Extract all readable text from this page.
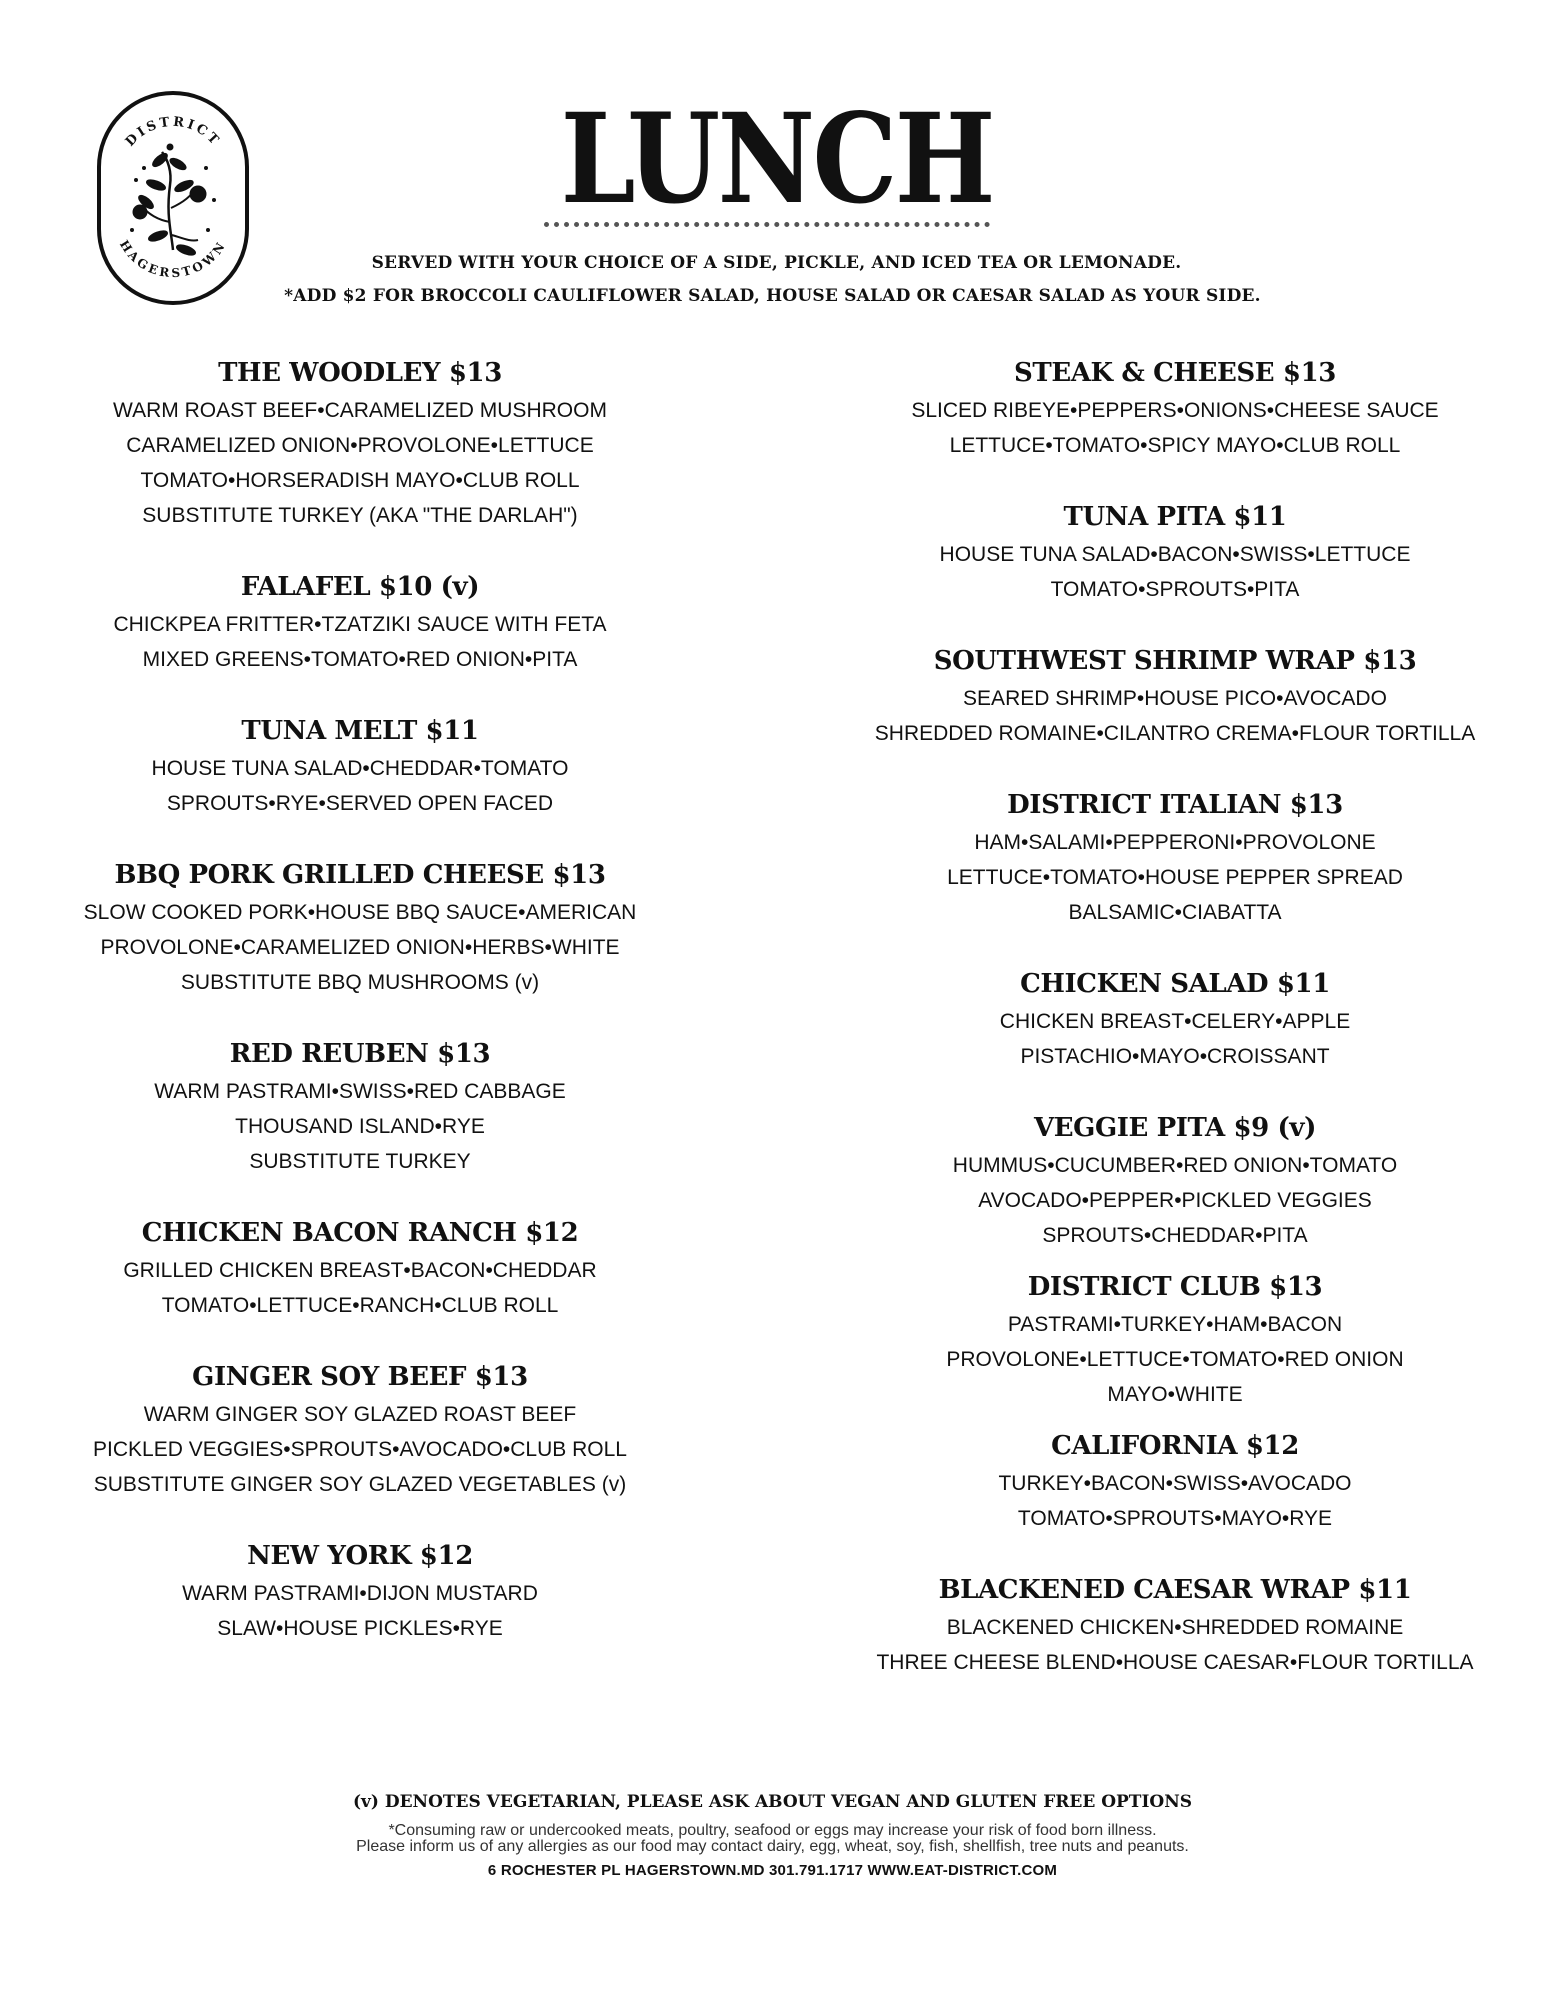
DISTRICT
HAGERSTOWN
LUNCH
SERVED WITH YOUR CHOICE OF A SIDE, PICKLE, AND ICED TEA OR LEMONADE.
*ADD $2 FOR BROCCOLI CAULIFLOWER SALAD, HOUSE SALAD OR CAESAR SALAD AS YOUR SIDE.
THE WOODLEY $13
WARM ROAST BEEF•CARAMELIZED MUSHROOM
CARAMELIZED ONION•PROVOLONE•LETTUCE
TOMATO•HORSERADISH MAYO•CLUB ROLL
SUBSTITUTE TURKEY (AKA "THE DARLAH")
FALAFEL $10 (v)
CHICKPEA FRITTER•TZATZIKI SAUCE WITH FETA
MIXED GREENS•TOMATO•RED ONION•PITA
TUNA MELT $11
HOUSE TUNA SALAD•CHEDDAR•TOMATO
SPROUTS•RYE•SERVED OPEN FACED
BBQ PORK GRILLED CHEESE $13
SLOW COOKED PORK•HOUSE BBQ SAUCE•AMERICAN
PROVOLONE•CARAMELIZED ONION•HERBS•WHITE
SUBSTITUTE BBQ MUSHROOMS (v)
RED REUBEN $13
WARM PASTRAMI•SWISS•RED CABBAGE
THOUSAND ISLAND•RYE
SUBSTITUTE TURKEY
CHICKEN BACON RANCH $12
GRILLED CHICKEN BREAST•BACON•CHEDDAR
TOMATO•LETTUCE•RANCH•CLUB ROLL
GINGER SOY BEEF $13
WARM GINGER SOY GLAZED ROAST BEEF
PICKLED VEGGIES•SPROUTS•AVOCADO•CLUB ROLL
SUBSTITUTE GINGER SOY GLAZED VEGETABLES (v)
NEW YORK $12
WARM PASTRAMI•DIJON MUSTARD
SLAW•HOUSE PICKLES•RYE
STEAK & CHEESE $13
SLICED RIBEYE•PEPPERS•ONIONS•CHEESE SAUCE
LETTUCE•TOMATO•SPICY MAYO•CLUB ROLL
TUNA PITA $11
HOUSE TUNA SALAD•BACON•SWISS•LETTUCE
TOMATO•SPROUTS•PITA
SOUTHWEST SHRIMP WRAP $13
SEARED SHRIMP•HOUSE PICO•AVOCADO
SHREDDED ROMAINE•CILANTRO CREMA•FLOUR TORTILLA
DISTRICT ITALIAN $13
HAM•SALAMI•PEPPERONI•PROVOLONE
LETTUCE•TOMATO•HOUSE PEPPER SPREAD
BALSAMIC•CIABATTA
CHICKEN SALAD $11
CHICKEN BREAST•CELERY•APPLE
PISTACHIO•MAYO•CROISSANT
VEGGIE PITA $9 (v)
HUMMUS•CUCUMBER•RED ONION•TOMATO
AVOCADO•PEPPER•PICKLED VEGGIES
SPROUTS•CHEDDAR•PITA
DISTRICT CLUB $13
PASTRAMI•TURKEY•HAM•BACON
PROVOLONE•LETTUCE•TOMATO•RED ONION
MAYO•WHITE
CALIFORNIA $12
TURKEY•BACON•SWISS•AVOCADO
TOMATO•SPROUTS•MAYO•RYE
BLACKENED CAESAR WRAP $11
BLACKENED CHICKEN•SHREDDED ROMAINE
THREE CHEESE BLEND•HOUSE CAESAR•FLOUR TORTILLA
(v) DENOTES VEGETARIAN, PLEASE ASK ABOUT VEGAN AND GLUTEN FREE OPTIONS
*Consuming raw or undercooked meats, poultry, seafood or eggs may increase your risk of food born illness.
Please inform us of any allergies as our food may contact dairy, egg, wheat, soy, fish, shellfish, tree nuts and peanuts.
6 ROCHESTER PL HAGERSTOWN.MD 301.791.1717 WWW.EAT-DISTRICT.COM
